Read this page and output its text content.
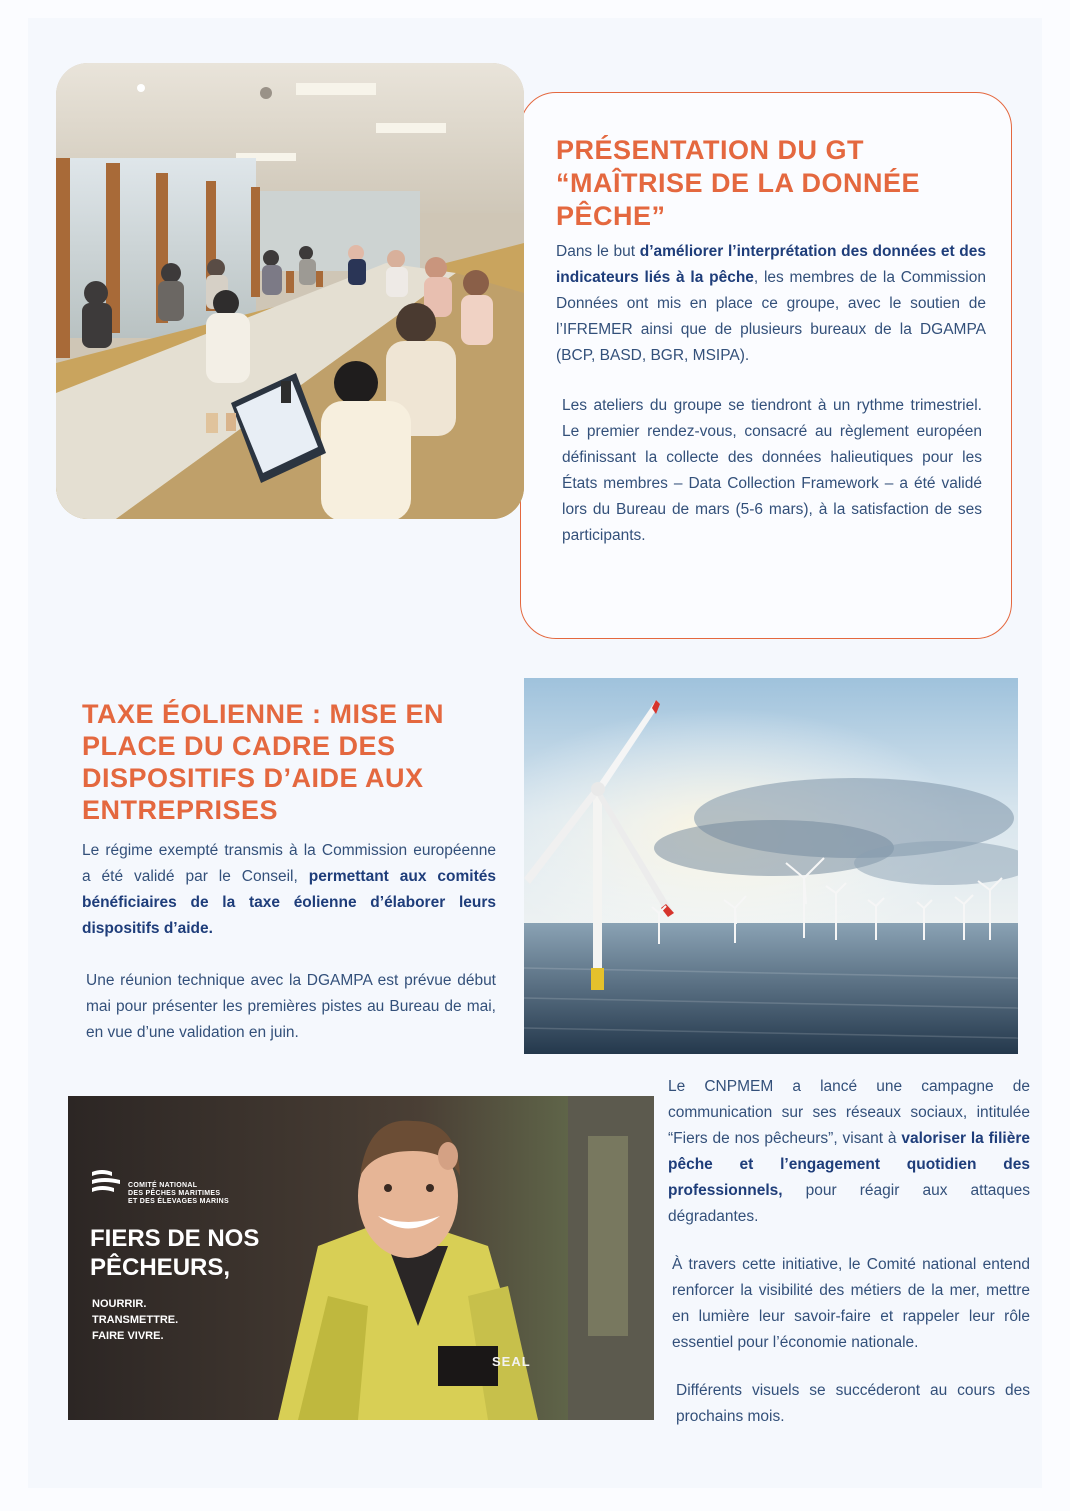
PRÉSENTATION DU GT
“MAÎTRISE DE LA DONNÉE
PÊCHE”

Dans le but d’améliorer l’interprétation des données et des indicateurs liés à la pêche, les membres de la Commission Données ont mis en place ce groupe, avec le soutien de l’IFREMER ainsi que de plusieurs bureaux de la DGAMPA (BCP, BASD, BGR, MSIPA).

Les ateliers du groupe se tiendront à un rythme trimestriel. Le premier rendez-vous, consacré au règlement européen définissant la collecte des données halieutiques pour les États membres – Data Collection Framework – a été validé lors du Bureau de mars (5-6 mars), à la satisfaction de ses participants.

TAXE ÉOLIENNE : MISE EN
PLACE DU CADRE DES
DISPOSITIFS D’AIDE AUX
ENTREPRISES

Le régime exempté transmis à la Commission européenne a été validé par le Conseil, permettant aux comités bénéficiaires de la taxe éolienne d’élaborer leurs dispositifs d’aide.

Une réunion technique avec la DGAMPA est prévue début mai pour présenter les premières pistes au Bureau de mai, en vue d’une validation en juin.

COMITÉ NATIONAL
DES PÊCHES MARITIMES
ET DES ÉLEVAGES MARINS
FIERS DE NOS
PÊCHEURS,
NOURRIR.
TRANSMETTRE.
FAIRE VIVRE.
SEAL

Le CNPMEM a lancé une campagne de communication sur ses réseaux sociaux, intitulée “Fiers de nos pêcheurs”, visant à valoriser la filière pêche et l’engagement quotidien des professionnels, pour réagir aux attaques dégradantes.

À travers cette initiative, le Comité national entend renforcer la visibilité des métiers de la mer, mettre en lumière leur savoir-faire et rappeler leur rôle essentiel pour l’économie nationale.

Différents visuels se succéderont au cours des prochains mois.
